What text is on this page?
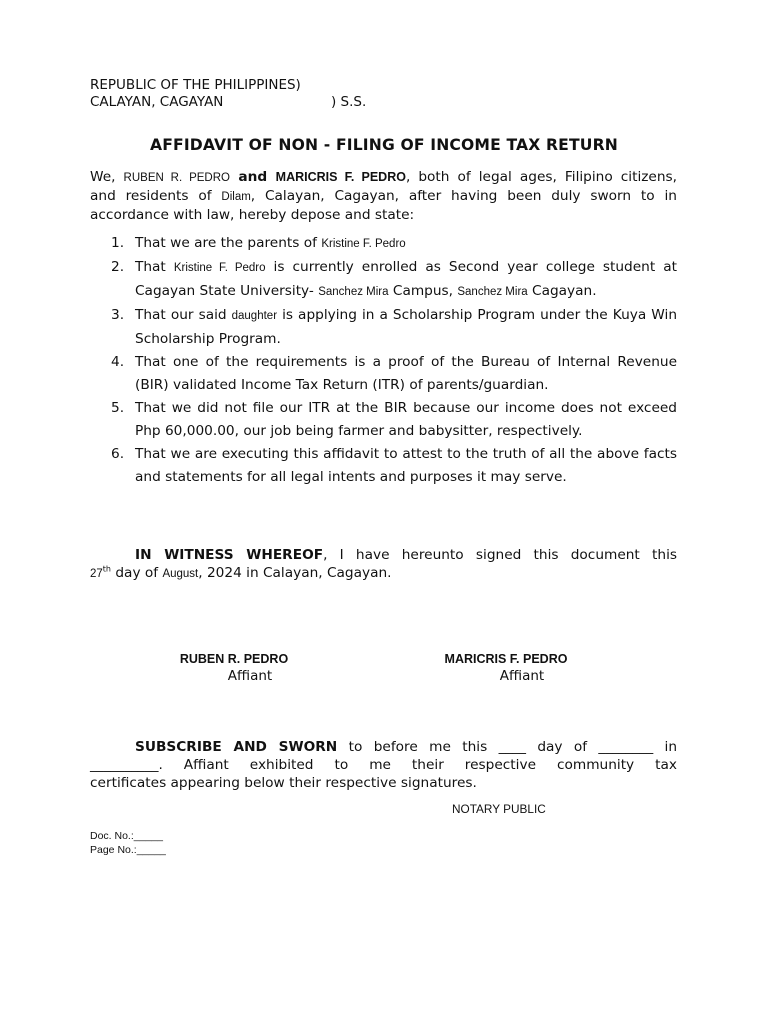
REPUBLIC OF THE PHILIPPINES)
CALAYAN, CAGAYAN	) S.S.
AFFIDAVIT OF NON - FILING OF INCOME TAX RETURN
We, RUBEN R. PEDRO and MARICRIS F. PEDRO, both of legal ages, Filipino citizens,
and residents of Dilam, Calayan, Cagayan, after having been duly sworn to in
accordance with law, hereby depose and state:
1. That we are the parents of Kristine F. Pedro
2. That Kristine F. Pedro is currently enrolled as Second year college student at Cagayan State University- Sanchez Mira Campus, Sanchez Mira Cagayan.
3. That our said daughter is applying in a Scholarship Program under the Kuya Win Scholarship Program.
4. That one of the requirements is a proof of the Bureau of Internal Revenue (BIR) validated Income Tax Return (ITR) of parents/guardian.
5. That we did not file our ITR at the BIR because our income does not exceed Php 60,000.00, our job being farmer and babysitter, respectively.
6. That we are executing this affidavit to attest to the truth of all the above facts and statements for all legal intents and purposes it may serve.
IN WITNESS WHEREOF, I have hereunto signed this document this
27th day of August, 2024 in Calayan, Cagayan.
RUBEN R. PEDRO
Affiant
MARICRIS F. PEDRO
Affiant
SUBSCRIBE AND SWORN to before me this ____ day of ________ in
__________. Affiant exhibited to me their respective community tax
certificates appearing below their respective signatures.
NOTARY PUBLIC
Doc. No.:_____
Page No.:_____
